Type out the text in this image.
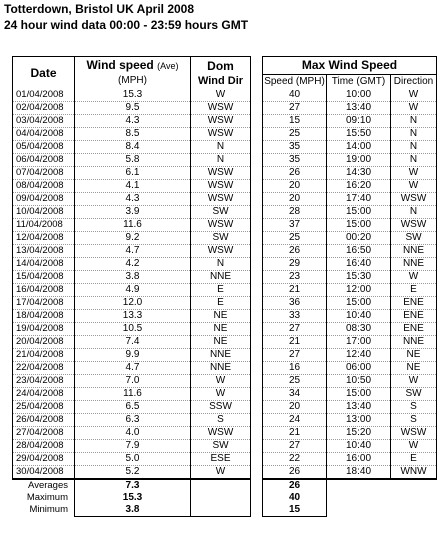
Totterdown, Bristol UK April 2008
24 hour wind data 00:00 - 23:59 hours GMT
Date	Wind speed (Ave)	Dom		Max Wind Speed		
	(MPH)	Wind Dir		Speed (MPH)	Time (GMT)	Direction
01/04/2008	15.3	W		40	10:00	W
02/04/2008	9.5	WSW		27	13:40	W
03/04/2008	4.3	WSW		15	09:10	N
04/04/2008	8.5	WSW		25	15:50	N
05/04/2008	8.4	N		35	14:00	N
06/04/2008	5.8	N		35	19:00	N
07/04/2008	6.1	WSW		26	14:30	W
08/04/2008	4.1	WSW		20	16:20	W
09/04/2008	4.3	WSW		20	17:40	WSW
10/04/2008	3.9	SW		28	15:00	N
11/04/2008	11.6	WSW		37	15:00	WSW
12/04/2008	9.2	SW		25	00:20	SW
13/04/2008	4.7	WSW		26	16:50	NNE
14/04/2008	4.2	N		29	16:40	NNE
15/04/2008	3.8	NNE		23	15:30	W
16/04/2008	4.9	E		21	12:00	E
17/04/2008	12.0	E		36	15:00	ENE
18/04/2008	13.3	NE		33	10:40	ENE
19/04/2008	10.5	NE		27	08:30	ENE
20/04/2008	7.4	NE		21	17:00	NNE
21/04/2008	9.9	NNE		27	12:40	NE
22/04/2008	4.7	NNE		16	06:00	NE
23/04/2008	7.0	W		25	10:50	W
24/04/2008	11.6	W		34	15:00	SW
25/04/2008	6.5	SSW		20	13:40	S
26/04/2008	6.3	S		24	13:00	S
27/04/2008	4.0	WSW		21	15:20	WSW
28/04/2008	7.9	SW		27	10:40	W
29/04/2008	5.0	ESE		22	16:00	E
30/04/2008	5.2	W		26	18:40	WNW
Averages	7.3			26		
Maximum	15.3			40		
Minimum	3.8			15		
